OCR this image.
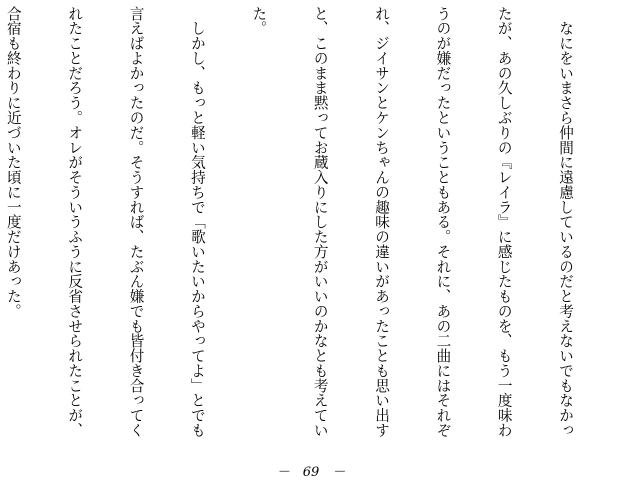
　なにをいまさら仲間に遠慮しているのだと考えないでもなかっ

たが、あの久しぶりの『レイラ』に感じたものを、もう一度味わ

うのが嫌だったということもある。それに、あの二曲にはそれぞ

れ、ジイサンとケンちゃんの趣味の違いがあったことも思い出す

と、このまま黙ってお蔵入りにした方がいいのかなとも考えてい

た。

　しかし、もっと軽い気持ちで「歌いたいからやってよ」とでも

言えばよかったのだ。そうすれば、たぶん嫌でも皆付き合ってく

れたことだろう。オレがそういうふうに反省させられたことが、

合宿も終わりに近づいた頃に一度だけあった。

－　69　－
